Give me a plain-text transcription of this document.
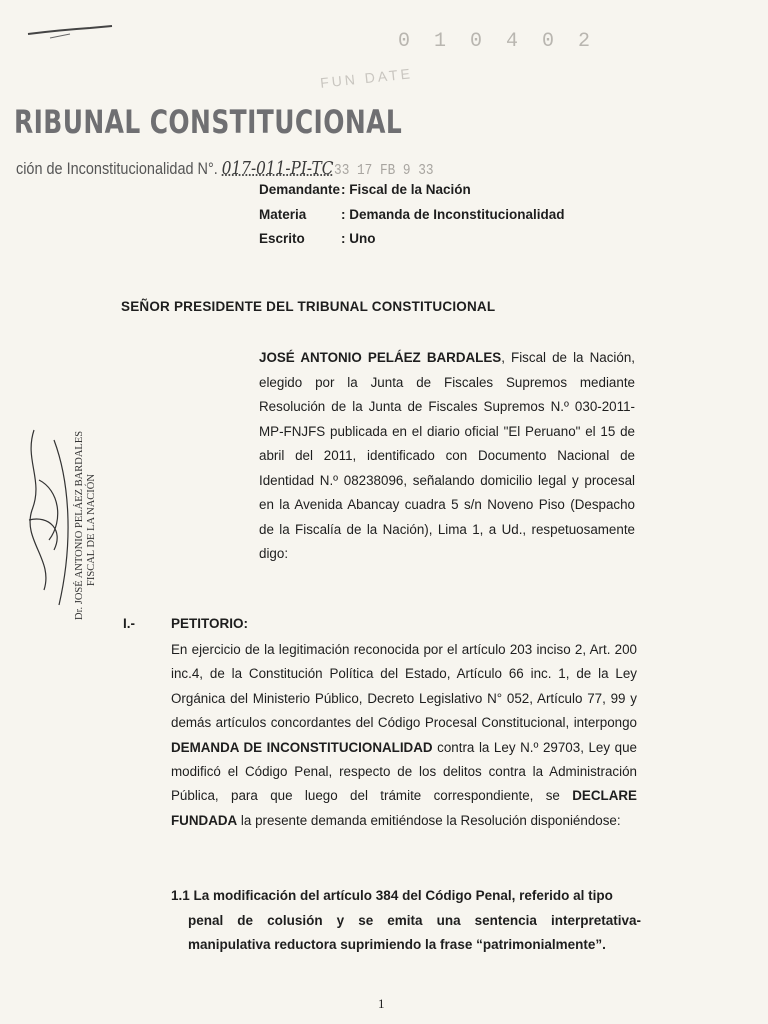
0 1 0 4 0 2
FUN DATE
RIBUNAL CONSTITUCIONAL
ción de Inconstitucionalidad N°. 017-011-PI-TC 33 17 FB 9 33
Demandante : Fiscal de la Nación
Materia	: Demanda de Inconstitucionalidad
Escrito	: Uno
SEÑOR PRESIDENTE DEL TRIBUNAL CONSTITUCIONAL
JOSÉ ANTONIO PELÁEZ BARDALES, Fiscal de la Nación, elegido por la Junta de Fiscales Supremos mediante Resolución de la Junta de Fiscales Supremos N.º 030-2011-MP-FNJFS publicada en el diario oficial "El Peruano" el 15 de abril del 2011, identificado con Documento Nacional de Identidad N.º 08238096, señalando domicilio legal y procesal en la Avenida Abancay cuadra 5 s/n Noveno Piso (Despacho de la Fiscalía de la Nación), Lima 1, a Ud., respetuosamente digo:
Dr. JOSÉ ANTONIO PELÁEZ BARDALES FISCAL DE LA NACIÓN
I.-	PETITORIO:
En ejercicio de la legitimación reconocida por el artículo 203 inciso 2, Art. 200 inc.4, de la Constitución Política del Estado, Artículo 66 inc. 1, de la Ley Orgánica del Ministerio Público, Decreto Legislativo N° 052, Artículo 77, 99 y demás artículos concordantes del Código Procesal Constitucional, interpongo DEMANDA DE INCONSTITUCIONALIDAD contra la Ley N.º 29703, Ley que modificó el Código Penal, respecto de los delitos contra la Administración Pública, para que luego del trámite correspondiente, se DECLARE FUNDADA la presente demanda emitiéndose la Resolución disponiéndose:
1.1 La modificación del artículo 384 del Código Penal, referido al tipo
penal de colusión y se emita una sentencia interpretativa-manipulativa reductora suprimiendo la frase “patrimonialmente”.
1
